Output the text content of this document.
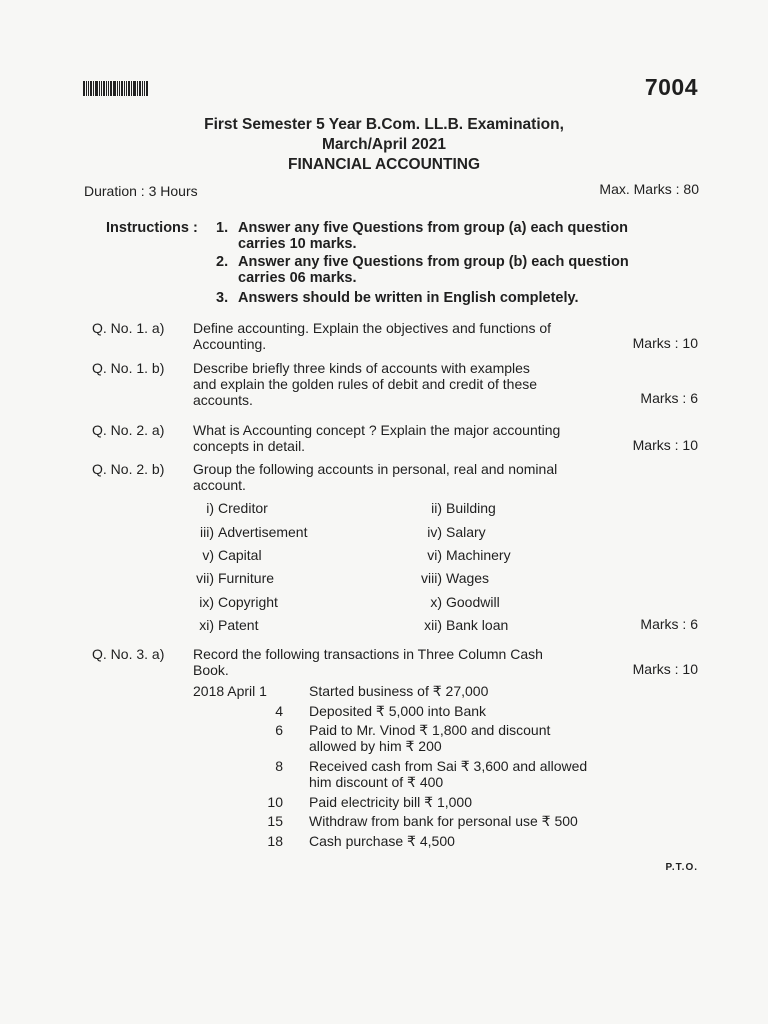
7004
First Semester 5 Year B.Com. LL.B. Examination,
March/April 2021
FINANCIAL ACCOUNTING
Duration : 3 Hours	Max. Marks : 80
Instructions : 1. Answer any five Questions from group (a) each question
carries 10 marks.
2. Answer any five Questions from group (b) each question
carries 06 marks.
3. Answers should be written in English completely.
Q. No. 1. a) Define accounting. Explain the objectives and functions of
Accounting.	Marks : 10
Q. No. 1. b) Describe briefly three kinds of accounts with examples
and explain the golden rules of debit and credit of these
accounts.	Marks : 6
Q. No. 2. a) What is Accounting concept ? Explain the major accounting
concepts in detail.	Marks : 10
Q. No. 2. b) Group the following accounts in personal, real and nominal
account.
i) Creditor	ii) Building
iii) Advertisement	iv) Salary
v) Capital	vi) Machinery
vii) Furniture	viii) Wages
ix) Copyright	x) Goodwill
xi) Patent	xii) Bank loan	Marks : 6
Q. No. 3. a) Record the following transactions in Three Column Cash
Book.	Marks : 10
2018 April 1	Started business of ₹ 27,000
4 Deposited ₹ 5,000 into Bank
6 Paid to Mr. Vinod ₹ 1,800 and discount
allowed by him ₹ 200
8 Received cash from Sai ₹ 3,600 and allowed
him discount of ₹ 400
10 Paid electricity bill ₹ 1,000
15 Withdraw from bank for personal use ₹ 500
18 Cash purchase ₹ 4,500
P.T.O.
